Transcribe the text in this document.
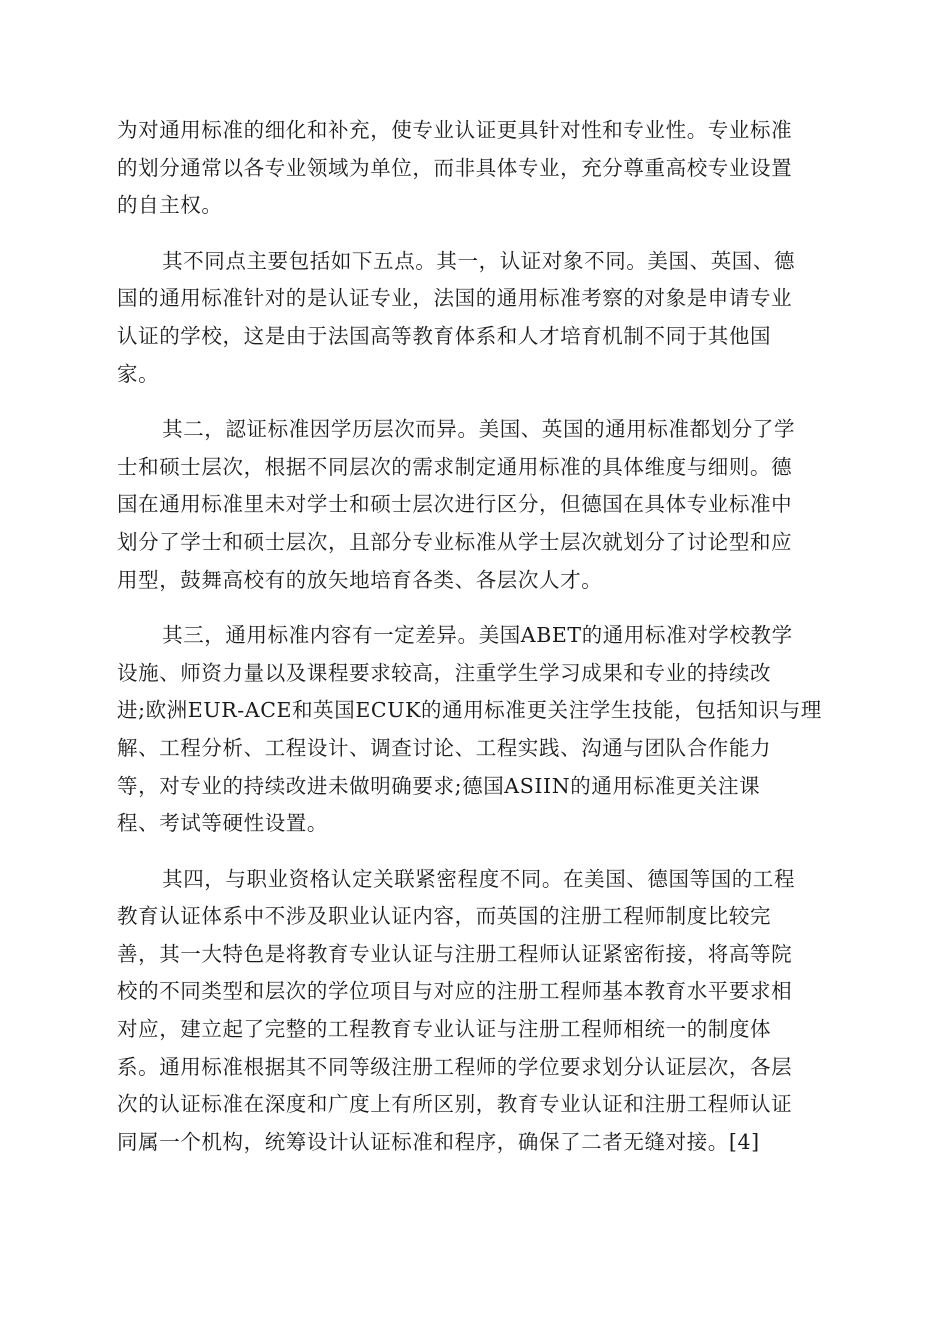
为对通用标准的细化和补充，使专业认证更具针对性和专业性。专业标准
的划分通常以各专业领域为单位，而非具体专业，充分尊重高校专业设置
的自主权。

其不同点主要包括如下五点。其一，认证对象不同。美国、英国、德
国的通用标准针对的是认证专业，法国的通用标准考察的对象是申请专业
认证的学校，这是由于法国高等教育体系和人才培育机制不同于其他国
家。

其二，認证标准因学历层次而异。美国、英国的通用标准都划分了学
士和硕士层次，根据不同层次的需求制定通用标准的具体维度与细则。德
国在通用标准里未对学士和硕士层次进行区分，但德国在具体专业标准中
划分了学士和硕士层次，且部分专业标准从学士层次就划分了讨论型和应
用型，鼓舞高校有的放矢地培育各类、各层次人才。

其三，通用标准内容有一定差异。美国ABET的通用标准对学校教学
设施、师资力量以及课程要求较高，注重学生学习成果和专业的持续改
进;欧洲EUR-ACE和英国ECUK的通用标准更关注学生技能，包括知识与理
解、工程分析、工程设计、调查讨论、工程实践、沟通与团队合作能力
等，对专业的持续改进未做明确要求;德国ASIIN的通用标准更关注课
程、考试等硬性设置。

其四，与职业资格认定关联紧密程度不同。在美国、德国等国的工程
教育认证体系中不涉及职业认证内容，而英国的注册工程师制度比较完
善，其一大特色是将教育专业认证与注册工程师认证紧密衔接，将高等院
校的不同类型和层次的学位项目与对应的注册工程师基本教育水平要求相
对应，建立起了完整的工程教育专业认证与注册工程师相统一的制度体
系。通用标准根据其不同等级注册工程师的学位要求划分认证层次，各层
次的认证标准在深度和广度上有所区别，教育专业认证和注册工程师认证
同属一个机构，统筹设计认证标准和程序，确保了二者无缝对接。[4]
